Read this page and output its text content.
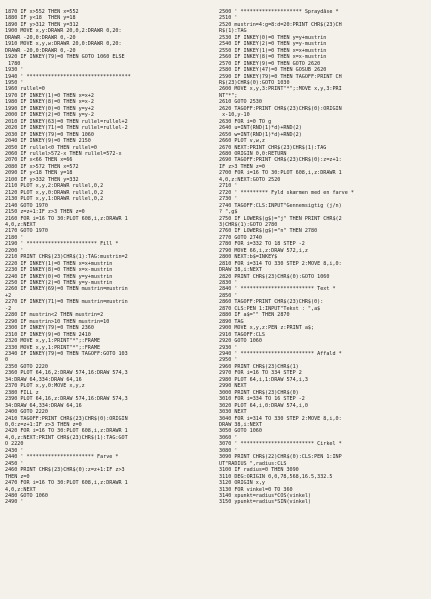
1870 IF x>552 THEN x=552
1880 IF y<18  THEN y=18
1890 IF y>312 THEN y=312
1900 MOVE x,y:DRAWR 20,0,2:DRAWR 0,20:
DRAWR -20,0:DRAWR 0,-20
1910 MOVE x,y,w:DRAWR 20,0:DRAWR 0,20:
DRAWR -20,0:DRAWR 0,-20
1920 IF INKEY(79)=0 THEN GOTO 1060 ELSE
1780
1930 '
1940 ' **********************************
1950 '
1960 rullel=0
1970 IF INKEY(1)=0 THEN x=x+2
1980 IF INKEY(8)=0 THEN x=x-2
1990 IF INKEY(0)=0 THEN y=y+2
2000 IF INKEY(2)=0 THEN y=y-2
2010 IF INKEY(63)=0 THEN rullel=rullel+2
2020 IF INKEY(71)=0 THEN rullel=rullel-2
2030 IF INKEY(79)=0 THEN 1060
2040 IF INKEY(9)=0 THEN 2150
2050 IF rullel<0 THEN rullel=0
2060 IF rullel>572-x THEN rullel=572-x
2070 IF x<66 THEN x=66
2080 IF x>572 THEN x=572
2090 IF y<18 THEN y=18
2100 IF y>332 THEN y=332
2110 PLOT x,y,2:DRAWR rullel,0,2
2120 PLOT x,y,0:DRAWR rullel,0,2
2130 PLOT x,y,1:DRAWR rullel,0,2
2140 GOTO 1970
2150 z=z+1:IF z>3 THEN z=0
2160 FOR i=16 TO 30:PLOT 608,i,z:DRAWR 1
4,0,z:NEXT
2170 GOTO 1970
2180 '
2190 ' *********************** Fill *
2200 '
2210 PRINT CHR$(23)CHR$(1):TAG:mustrin=2
2220 IF INKEY(1)=0 THEN x=x+mustrin
2230 IF INKEY(8)=0 THEN x=x-mustrin
2240 IF INKEY(0)=0 THEN y=y+mustrin
2250 IF INKEY(2)=0 THEN y=y-mustrin
2260 IF INKEY(69)=0 THEN mustrin=mustrin
+2
2270 IF INKEY(71)=0 THEN mustrin=mustrin
-2
2280 IF mustrin<2 THEN mustrin=2
2290 IF mustrin>10 THEN mustrin=10
2300 IF INKEY(79)=0 THEN 2360
2310 IF INKEY(9)=0 THEN 2410
2320 MOVE x,y,1:PRINT"*";:FRAME
2330 MOVE x,y,1:PRINT"*";:FRAME
2340 IF INKEY(79)=0 THEN TAGOFF:GOTO 103
0
2350 GOTO 2220
2360 PLOT 64,16,2:DRAW 574,16:DRAW 574,3
34:DRAW 64,334:DRAW 64,16
2370 PLOT x,y,0:MOVE x,y,z
2380 FILL z
2390 PLOT 64,16,z:DRAW 574,16:DRAW 574,3
34:DRAW 64,334:DRAW 64,16
2400 GOTO 2220
2410 TAGOFF:PRINT CHR$(23)CHR$(0):ORIGIN
0,0:z=z+1:IF z>3 THEN z=0
2420 FOR i=16 TO 30:PLOT 608,i,z:DRAWR 1
4,0,z:NEXT:PRINT CHR$(23)CHR$(1):TAG:GOT
O 2220
2430 '
2440 ' ********************** Farve *
2450 '
2460 PRINT CHR$(23)CHR$(0):z=z+1:IF z>3
THEN z=0
2470 FOR i=16 TO 30:PLOT 608,i,z:DRAWR 1
4,0,z:NEXT
2480 GOTO 1060
2490 '
2500 ' ******************** Spraydåse *
2510 '
2520 mustrin=4:g=8:d=20:PRINT CHR$(23)CH
R$(1):TAG
2530 IF INKEY(0)=0 THEN y=y+mustrin
2540 IF INKEY(2)=0 THEN y=y-mustrin
2550 IF INKEY(1)=0 THEN x=x+mustrin
2560 IF INKEY(8)=0 THEN x=x-mustrin
2570 IF INKEY(9)=0 THEN GOTO 2620
2580 IF INKEY(47)=0 THEN GOSUB 2620
2590 IF INKEY(79)=0 THEN TAGOFF:PRINT CH
R$(23)CHR$(0):GOTO 1030
2600 MOVE x,y,3:PRINT"*";:MOVE x,y,3:PRI
NT"*";
2610 GOTO 2530
2620 TAGOFF:PRINT CHR$(23)CHR$(0):ORIGIN
x-10,y-10
2630 FOR i=0 TO g
2640 u=INT(RND(1)*d)+RND(2)
2650 w=INT(RND(1)*d)+RND(2)
2660 PLOT v,w,z
2670 NEXT:PRINT CHR$(23)CHR$(1):TAG
2680 ORIGIN 0,0:RETURN
2690 TAGOFF:PRINT CHR$(23)CHR$(0):z=z+1:
IF z>3 THEN z=0
2700 FOR i=16 TO 30:PLOT 608,i,z:DRAWR 1
4,0,z:NEXT:GOTO 2520
2710 '
2720 ' ********* Fyld skærmen med en farve *
2730 '
2740 TAGOFF:CLS:INPUT"Gennemsigtig (j/n)
? ",g$
2750 IF LOWER$(g$)="j" THEN PRINT CHR$(2
3)CHR$(1):GOTO 2780
2760 IF LOWER$(g$)="n" THEN 2780
2770 GOTO 2740
2780 FOR i=332 TO 18 STEP -2
2790 MOVE 66,i,z:DRAW 572,i,z
2800 NEXT:b$=INKEY$
2810 FOR i=314 TO 330 STEP 2:MOVE 8,i,0:
DRAW 38,i:NEXT
2820 PRINT CHR$(23)CHR$(0):GOTO 1060
2830 '
2840 ' ************************ Text *
2850 '
2860 TAGOFF:PRINT CHR$(23)CHR$(0):
2870 CLS:PEN 1:INPUT"Tekst : ",a$
2880 IF a$="" THEN 2870
2890 TAG
2900 MOVE x,y,z:PEN z:PRINT a$;
2910 TAGOFF:CLS
2920 GOTO 1060
2930 '
2940 ' ************************ Affald *
2950 '
2960 PRINT CHR$(23)CHR$(1)
2970 FOR i=16 TO 334 STEP 2
2980 PLOT 64,i,1:DRAW 574,i,3
2990 NEXT
3000 PRINT CHR$(23)CHR$(0)
3010 FOR i=334 TO 16 STEP -2
3020 PLOT 64,i,0:DRAW 574,i,0
3030 NEXT
3040 FOR i=314 TO 330 STEP 2:MOVE 8,i,0:
DRAW 38,i:NEXT
3050 GOTO 1060
3060 '
3070 ' ************************ Cirkel *
3080 '
3090 PRINT CHR$(22)CHR$(0):CLS:PEN 1:INP
UT"RADIUS ",radius:CLS
3100 IF radius=0 THEN 3090
3110 DEG:ORIGIN 0,0,78,568,16.5,332.5
3120 ORIGIN x,y
3130 FOR vinkel=0 TO 360
3140 xpunkt=radius*COS(vinkel)
3150 ypunkt=radius*SIN(vinkel)
